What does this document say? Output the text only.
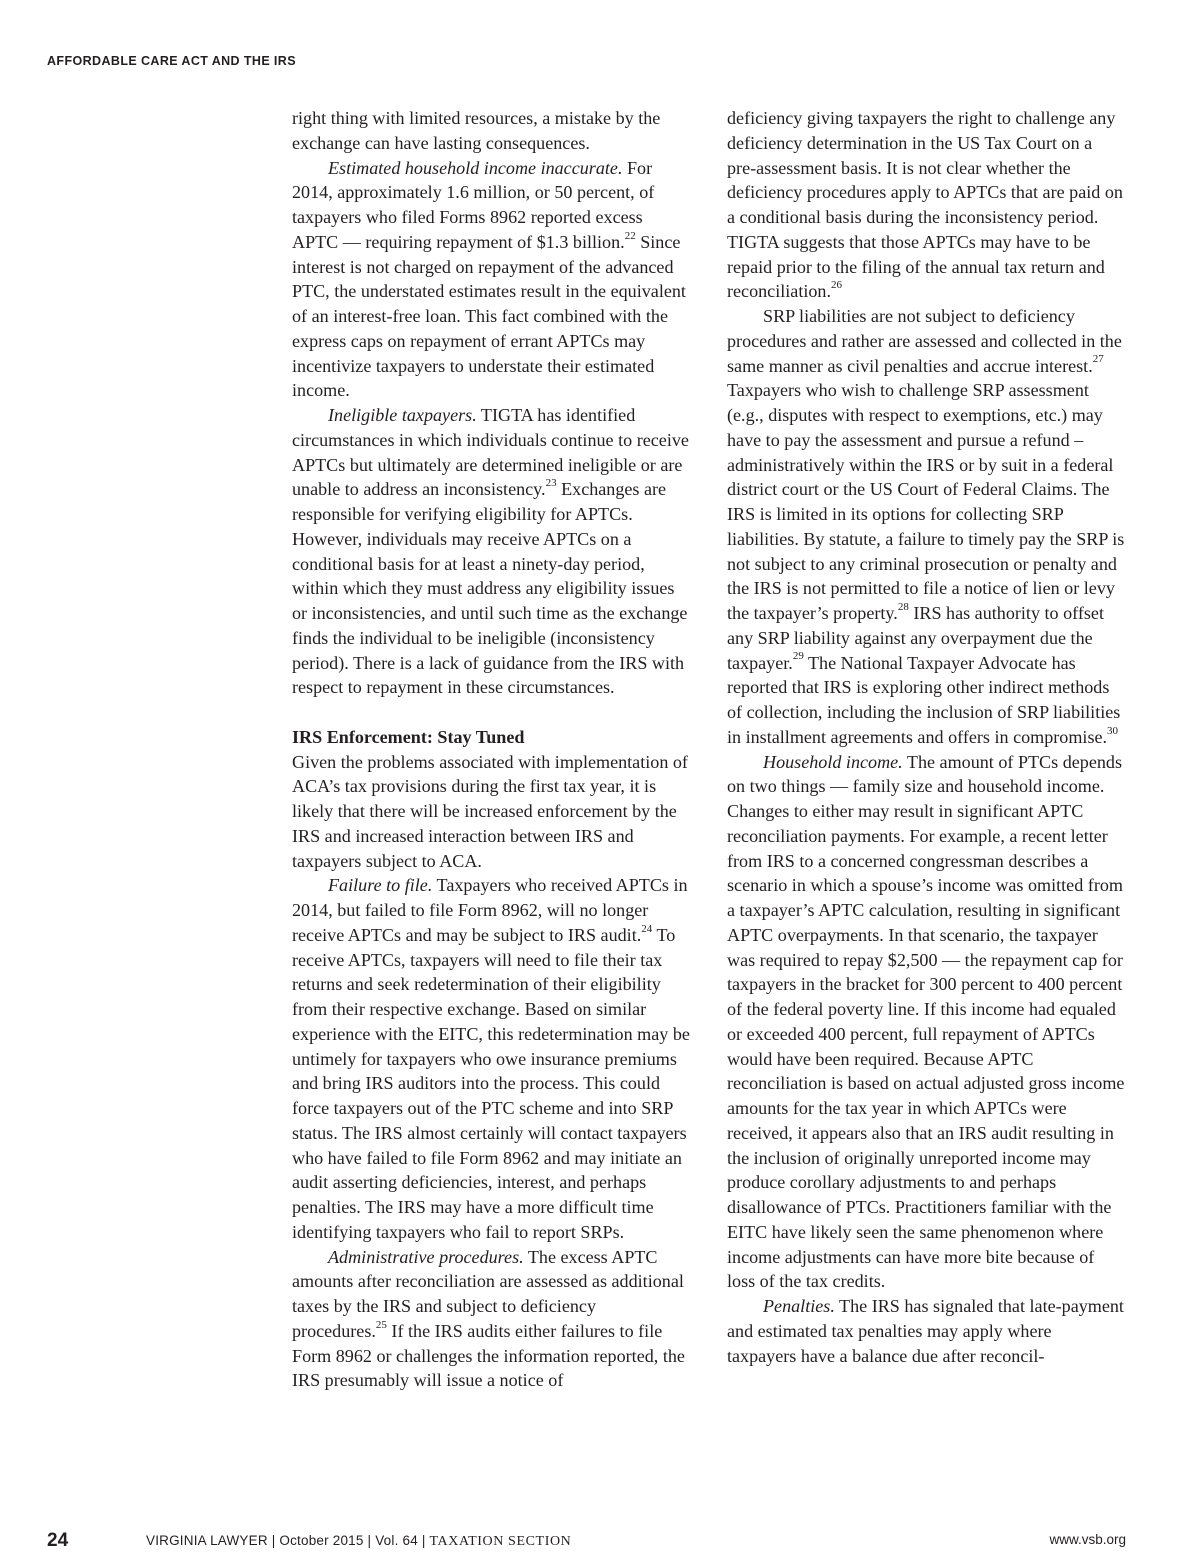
AFFORDABLE CARE ACT AND THE IRS

right thing with limited resources, a mistake by the exchange can have lasting consequences.

Estimated household income inaccurate. For 2014, approximately 1.6 million, or 50 percent, of taxpayers who filed Forms 8962 reported excess APTC — requiring repayment of $1.3 billion.$^{22}$ Since interest is not charged on repayment of the advanced PTC, the understated estimates result in the equivalent of an interest-free loan. This fact combined with the express caps on repayment of errant APTCs may incentivize taxpayers to understate their estimated income.

Ineligible taxpayers. TIGTA has identified circumstances in which individuals continue to receive APTCs but ultimately are determined ineligible or are unable to address an inconsistency.$^{23}$ Exchanges are responsible for verifying eligibility for APTCs. However, individuals may receive APTCs on a conditional basis for at least a ninety-day period, within which they must address any eligibility issues or inconsistencies, and until such time as the exchange finds the individual to be ineligible (inconsistency period). There is a lack of guidance from the IRS with respect to repayment in these circumstances.

IRS Enforcement: Stay Tuned

Given the problems associated with implementation of ACA’s tax provisions during the first tax year, it is likely that there will be increased enforcement by the IRS and increased interaction between IRS and taxpayers subject to ACA.

Failure to file. Taxpayers who received APTCs in 2014, but failed to file Form 8962, will no longer receive APTCs and may be subject to IRS audit.$^{24}$ To receive APTCs, taxpayers will need to file their tax returns and seek redetermination of their eligibility from their respective exchange. Based on similar experience with the EITC, this redetermination may be untimely for taxpayers who owe insurance premiums and bring IRS auditors into the process. This could force taxpayers out of the PTC scheme and into SRP status. The IRS almost certainly will contact taxpayers who have failed to file Form 8962 and may initiate an audit asserting deficiencies, interest, and perhaps penalties. The IRS may have a more difficult time identifying taxpayers who fail to report SRPs.

Administrative procedures. The excess APTC amounts after reconciliation are assessed as additional taxes by the IRS and subject to deficiency procedures.$^{25}$ If the IRS audits either failures to file Form 8962 or challenges the information reported, the IRS presumably will issue a notice of

deficiency giving taxpayers the right to challenge any deficiency determination in the US Tax Court on a pre-assessment basis. It is not clear whether the deficiency procedures apply to APTCs that are paid on a conditional basis during the inconsistency period. TIGTA suggests that those APTCs may have to be repaid prior to the filing of the annual tax return and reconciliation.$^{26}$

SRP liabilities are not subject to deficiency procedures and rather are assessed and collected in the same manner as civil penalties and accrue interest.$^{27}$ Taxpayers who wish to challenge SRP assessment (e.g., disputes with respect to exemptions, etc.) may have to pay the assessment and pursue a refund – administratively within the IRS or by suit in a federal district court or the US Court of Federal Claims. The IRS is limited in its options for collecting SRP liabilities. By statute, a failure to timely pay the SRP is not subject to any criminal prosecution or penalty and the IRS is not permitted to file a notice of lien or levy the taxpayer’s property.$^{28}$ IRS has authority to offset any SRP liability against any overpayment due the taxpayer.$^{29}$ The National Taxpayer Advocate has reported that IRS is exploring other indirect methods of collection, including the inclusion of SRP liabilities in installment agreements and offers in compromise.$^{30}$

Household income. The amount of PTCs depends on two things — family size and household income. Changes to either may result in significant APTC reconciliation payments. For example, a recent letter from IRS to a concerned congressman describes a scenario in which a spouse’s income was omitted from a taxpayer’s APTC calculation, resulting in significant APTC overpayments. In that scenario, the taxpayer was required to repay $2,500 — the repayment cap for taxpayers in the bracket for 300 percent to 400 percent of the federal poverty line. If this income had equaled or exceeded 400 percent, full repayment of APTCs would have been required. Because APTC reconciliation is based on actual adjusted gross income amounts for the tax year in which APTCs were received, it appears also that an IRS audit resulting in the inclusion of originally unreported income may produce corollary adjustments to and perhaps disallowance of PTCs. Practitioners familiar with the EITC have likely seen the same phenomenon where income adjustments can have more bite because of loss of the tax credits.

Penalties. The IRS has signaled that late-payment and estimated tax penalties may apply where taxpayers have a balance due after reconcil-

24	VIRGINIA LAWYER | October 2015 | Vol. 64 | TAXATION SECTION	www.vsb.org
